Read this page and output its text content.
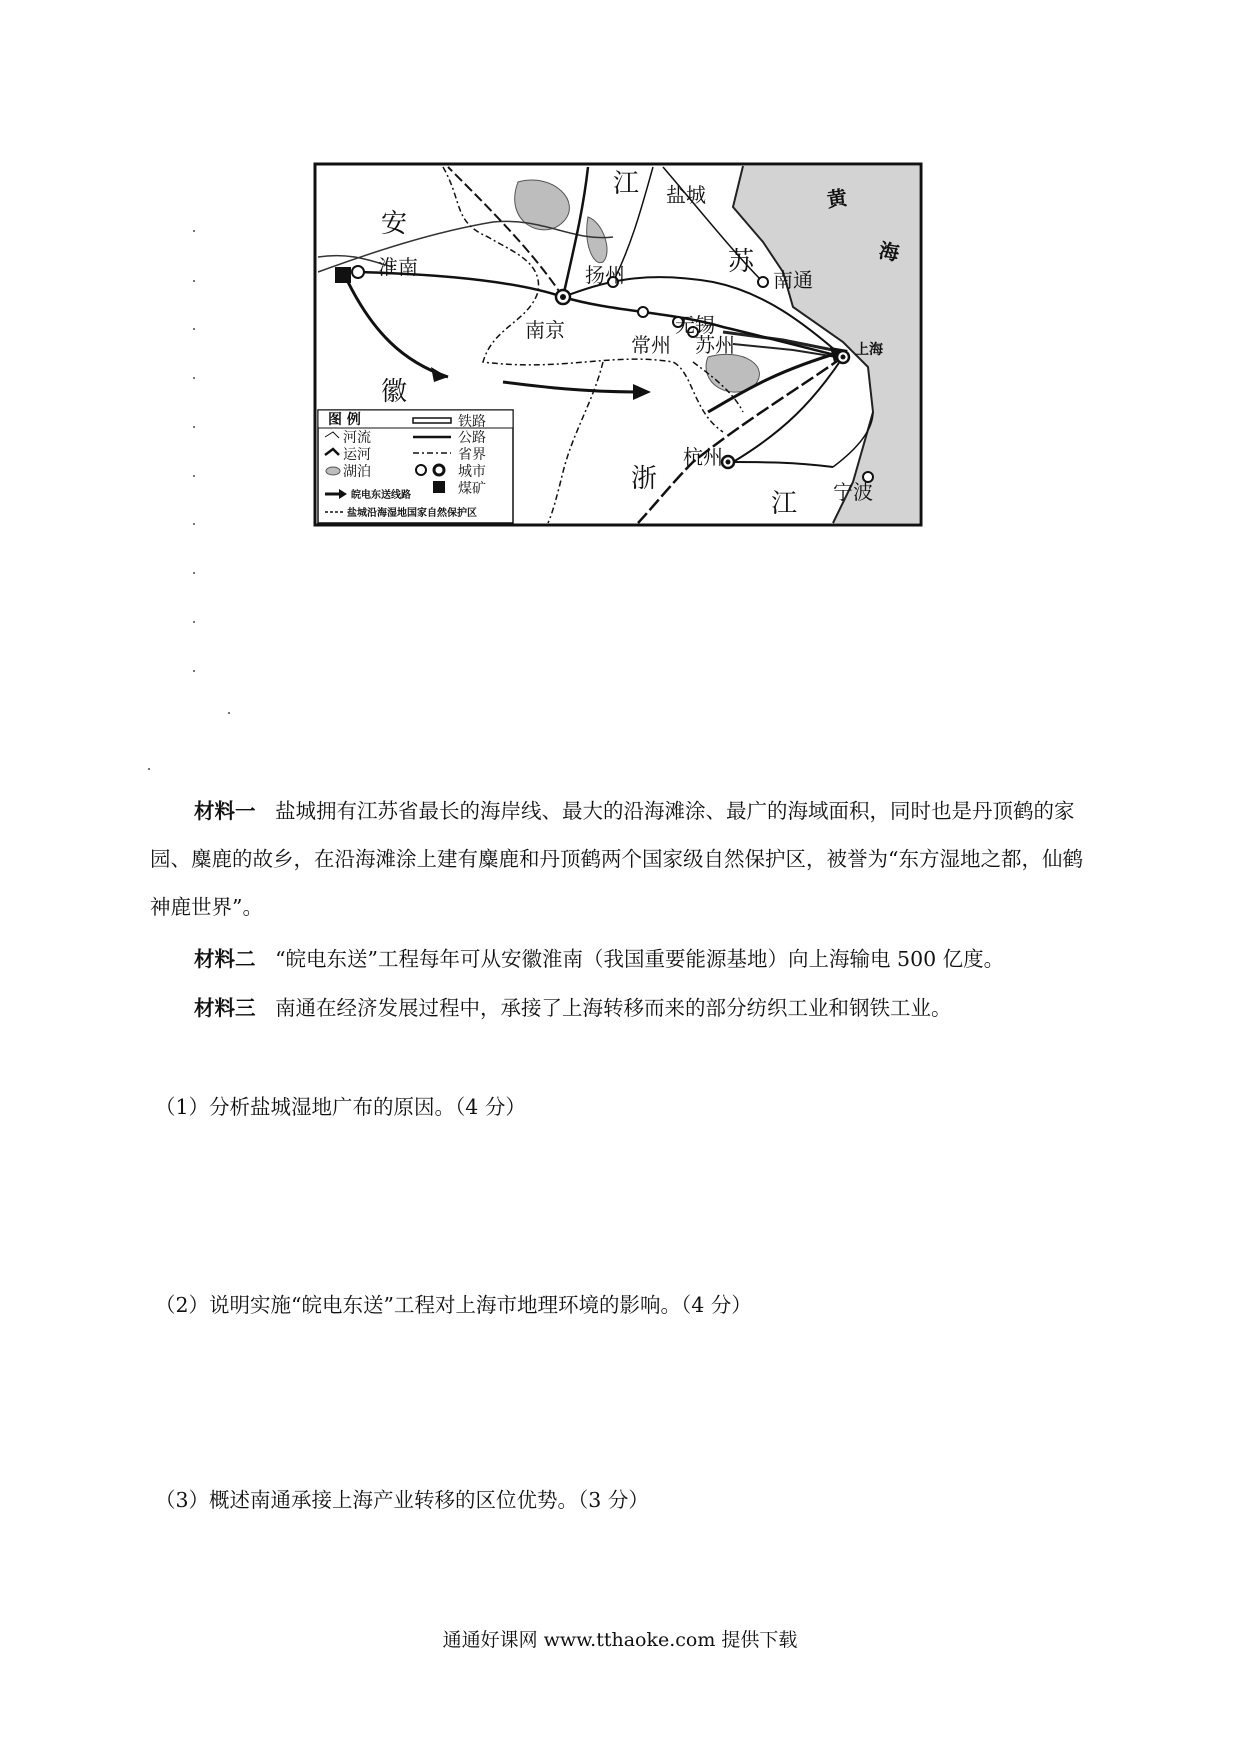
安
徽
江
苏
浙
江
黄
海
淮南
南京
扬州
盐城
南通
常州
无锡
苏州	上海
杭州
宁波
图 例
河流
运河
湖泊
铁路
公路
省界
城市
煤矿
皖电东送线路
盐城沿海湿地国家自然保护区

材料一 盐城拥有江苏省最长的海岸线、最大的沿海滩涂、最广的海域面积，同时也是丹顶鹤的家园、麋鹿的故乡，在沿海滩涂上建有麋鹿和丹顶鹤两个国家级自然保护区，被誉为“东方湿地之都，仙鹤神鹿世界”。

材料二 “皖电东送”工程每年可从安徽淮南（我国重要能源基地）向上海输电 500 亿度。

材料三 南通在经济发展过程中，承接了上海转移而来的部分纺织工业和钢铁工业。

（1）分析盐城湿地广布的原因。（4 分）

（2）说明实施“皖电东送”工程对上海市地理环境的影响。（4 分）

（3）概述南通承接上海产业转移的区位优势。（3 分）

通通好课网 www.tthaoke.com 提供下载
